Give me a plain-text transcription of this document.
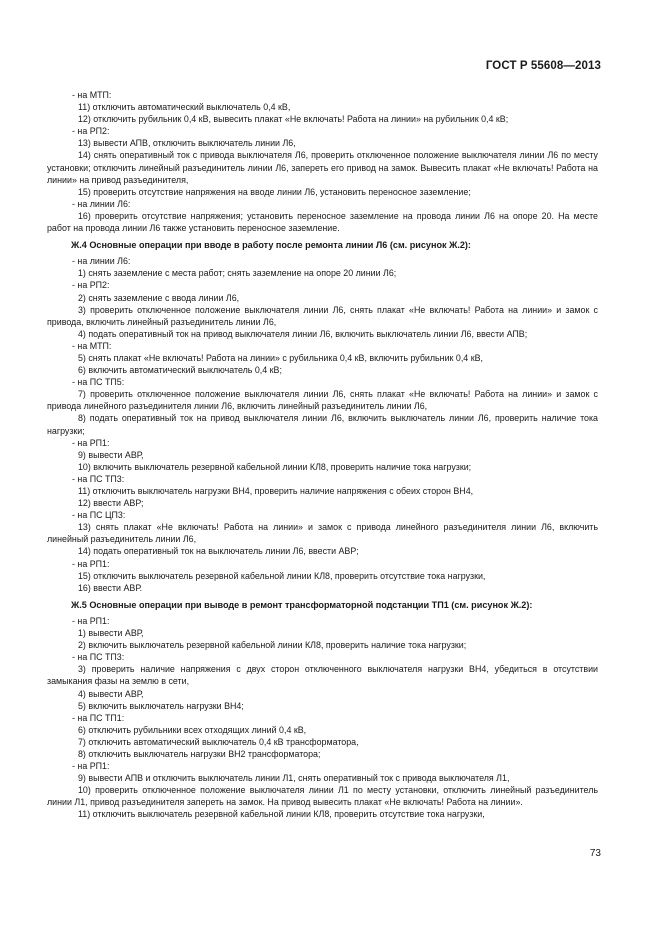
ГОСТ Р 55608—2013

- на МТП:

11) отключить автоматический выключатель 0,4 кВ,

12) отключить рубильник 0,4 кВ, вывесить плакат «Не включать! Работа на линии» на рубильник 0,4 кВ;

- на РП2:

13) вывести АПВ, отключить выключатель линии Л6,

14) снять оперативный ток с привода выключателя Л6, проверить отключенное положение выключателя линии Л6 по месту установки; отключить линейный разъединитель линии Л6, запереть его привод на замок. Вывесить плакат «Не включать! Работа на линии» на привод разъединителя,

15) проверить отсутствие напряжения на вводе линии Л6, установить переносное заземление;

- на линии Л6:

16) проверить отсутствие напряжения; установить переносное заземление на провода линии Л6 на опоре 20. На месте работ на провода линии Л6 также установить переносное заземление.

Ж.4 Основные операции при вводе в работу после ремонта линии Л6 (см. рисунок Ж.2):

- на линии Л6:

1) снять заземление с места работ; снять заземление на опоре 20 линии Л6;

- на РП2:

2) снять заземление с ввода линии Л6,

3) проверить отключенное положение выключателя линии Л6, снять плакат «Не включать! Работа на линии» и замок с привода, включить линейный разъединитель линии Л6,

4) подать оперативный ток на привод выключателя линии Л6, включить выключатель линии Л6, ввести АПВ;

- на МТП:

5) снять плакат «Не включать! Работа на линии» с рубильника 0,4 кВ, включить рубильник 0,4 кВ,

6) включить автоматический выключатель 0,4 кВ;

- на ПС ТП5:

7) проверить отключенное положение выключателя линии Л6, снять плакат «Не включать! Работа на линии» и замок с привода линейного разъединителя линии Л6, включить линейный разъединитель линии Л6,

8) подать оперативный ток на привод выключателя линии Л6, включить выключатель линии Л6, проверить наличие тока нагрузки;

- на РП1:

9) вывести АВР,

10) включить выключатель резервной кабельной линии КЛ8, проверить наличие тока нагрузки;

- на ПС ТП3:

11) отключить выключатель нагрузки ВН4, проверить наличие напряжения с обеих сторон ВН4,

12) ввести АВР;

- на ПС ЦП3:

13) снять плакат «Не включать! Работа на линии» и замок с привода линейного разъединителя линии Л6, включить линейный разъединитель линии Л6,

14) подать оперативный ток на выключатель линии Л6, ввести АВР;

- на РП1:

15) отключить выключатель резервной кабельной линии КЛ8, проверить отсутствие тока нагрузки,

16) ввести АВР.

Ж.5 Основные операции при выводе в ремонт трансформаторной подстанции ТП1 (см. рисунок Ж.2):

- на РП1:

1) вывести АВР,

2) включить выключатель резервной кабельной линии КЛ8, проверить наличие тока нагрузки;

- на ПС ТП3:

3) проверить наличие напряжения с двух сторон отключенного выключателя нагрузки ВН4, убедиться в отсутствии замыкания фазы на землю в сети,

4) вывести АВР,

5) включить выключатель нагрузки ВН4;

- на ПС ТП1:

6) отключить рубильники всех отходящих линий 0,4 кВ,

7) отключить автоматический выключатель 0,4 кВ трансформатора,

8) отключить выключатель нагрузки ВН2 трансформатора;

- на РП1:

9) вывести АПВ и отключить выключатель линии Л1, снять оперативный ток с привода выключателя Л1,

10) проверить отключенное положение выключателя линии Л1 по месту установки, отключить линейный разъединитель линии Л1, привод разъединителя запереть на замок. На привод вывесить плакат «Не включать! Работа на линии».

11) отключить выключатель резервной кабельной линии КЛ8, проверить отсутствие тока нагрузки,

73
